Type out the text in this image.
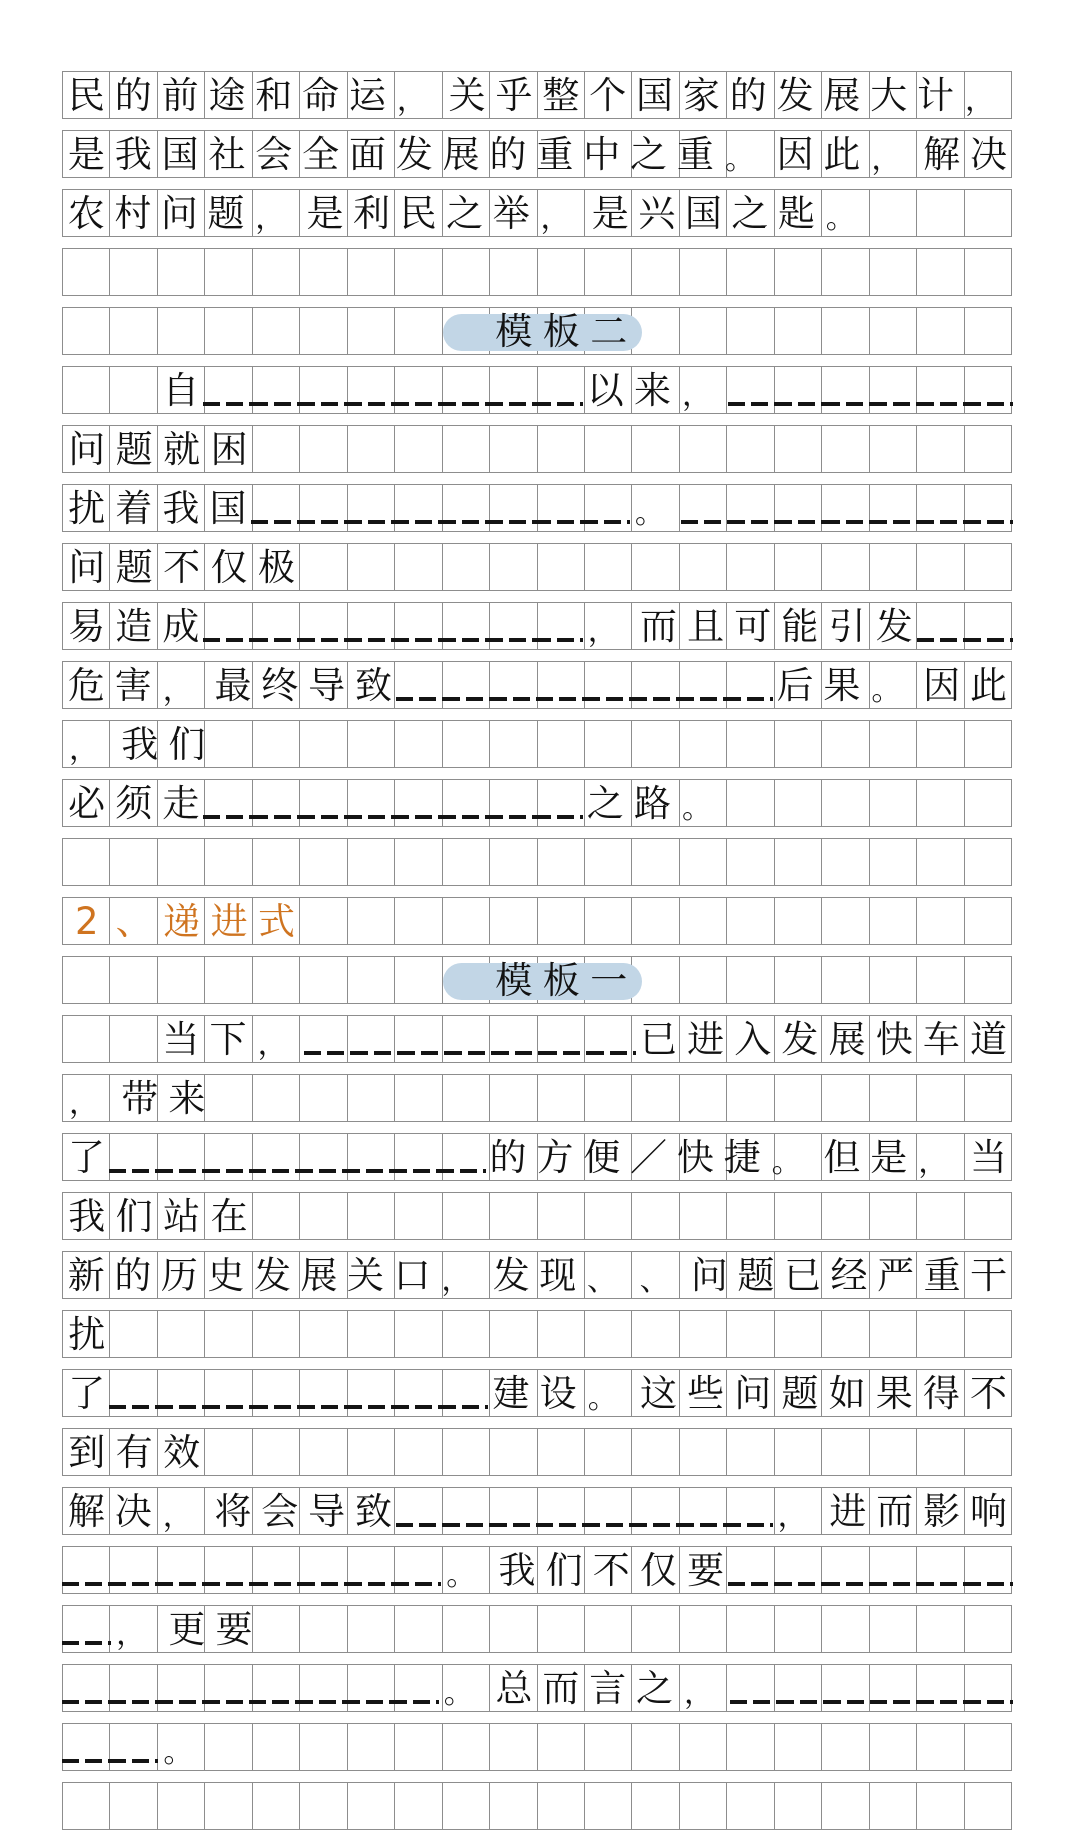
民 的 前 途 和 命 运 ， 关 乎 整 个 国 家 的 发 展 大 计 ，
是 我 国 社 会 全 面 发 展 的 重 中 之 重 。 因 此 ， 解 决
农 村 问 题 ， 是 利 民 之 举 ， 是 兴 国 之 匙 。
模 板 二
自	以 来 ，
问 题 就 困
扰 着 我 国	。
问 题 不 仅 极
易 造 成	， 而 且 可 能 引 发
危 害 ， 最 终 导 致	后 果 。 因 此
， 我 们
必 须 走	之 路 。
2 、 递 进 式
模 板 一
当 下 ，	已 进 入 发 展 快 车 道
， 带 来
了	的 方 便 ／ 快 捷 。 但 是 ， 当
我 们 站 在
新 的 历 史 发 展 关 口 ， 发 现 、 、 问 题 已 经 严 重 干
扰
了	建 设 。 这 些 问 题 如 果 得 不
到 有 效
解 决 ， 将 会 导 致	， 进 而 影 响
。 我 们 不 仅 要
， 更 要
。 总 而 言 之 ，
。
